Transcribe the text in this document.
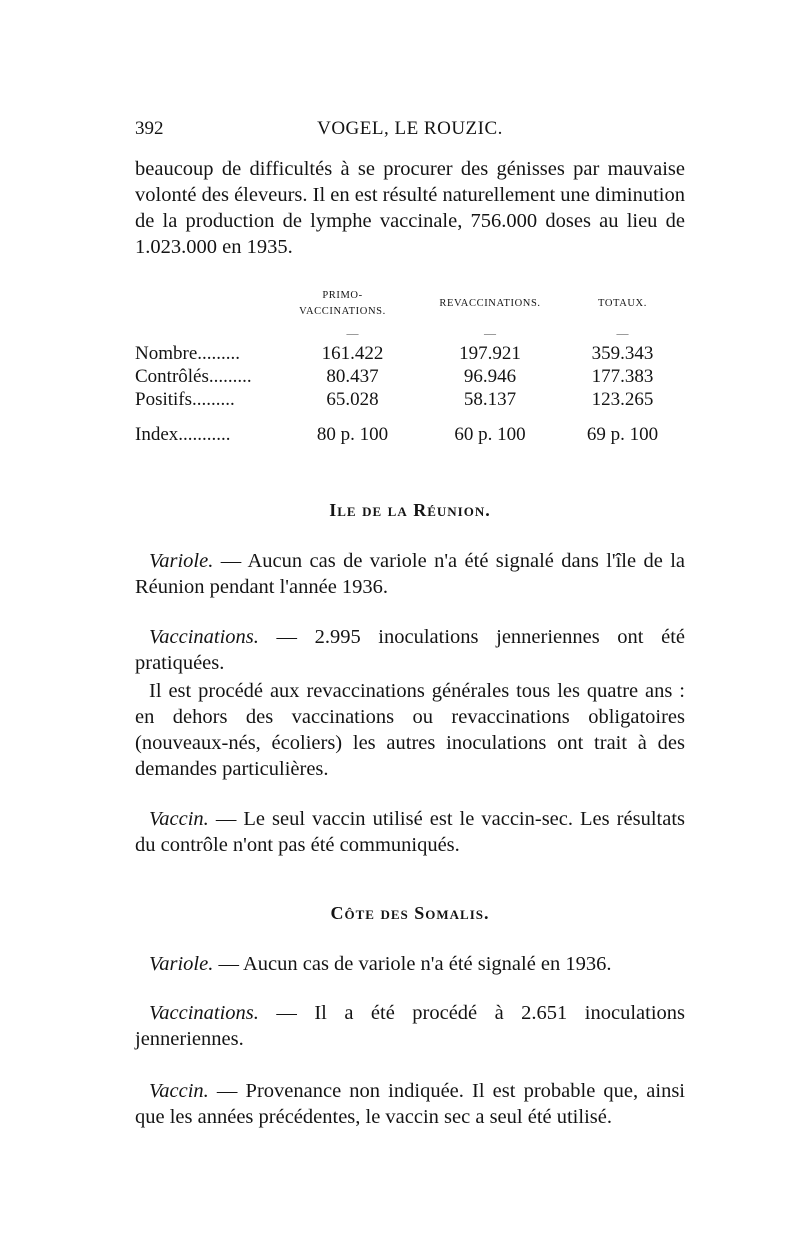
392	VOGEL, LE ROUZIC.

beaucoup de difficultés à se procurer des génisses par mauvaise volonté des éleveurs. Il en est résulté naturellement une diminution de la production de lymphe vaccinale, 756.000 doses au lieu de 1.023.000 en 1935.

	PRIMO-VACCINATIONS.	REVACCINATIONS.	TOTAUX.
	—	—	—
Nombre.........	161.422	197.921	359.343
Contrôlés.........	80.437	96.946	177.383
Positifs.........	65.028	58.137	123.265

Index...........	80 p. 100	60 p. 100	69 p. 100
Ile de la Réunion.

Variole. — Aucun cas de variole n'a été signalé dans l'île de la Réunion pendant l'année 1936.

Vaccinations. — 2.995 inoculations jenneriennes ont été pratiquées.

Il est procédé aux revaccinations générales tous les quatre ans : en dehors des vaccinations ou revaccinations obligatoires (nouveaux-nés, écoliers) les autres inoculations ont trait à des demandes particulières.

Vaccin. — Le seul vaccin utilisé est le vaccin-sec. Les résultats du contrôle n'ont pas été communiqués.

Côte des Somalis.

Variole. — Aucun cas de variole n'a été signalé en 1936.

Vaccinations. — Il a été procédé à 2.651 inoculations jenneriennes.

Vaccin. — Provenance non indiquée. Il est probable que, ainsi que les années précédentes, le vaccin sec a seul été utilisé.
